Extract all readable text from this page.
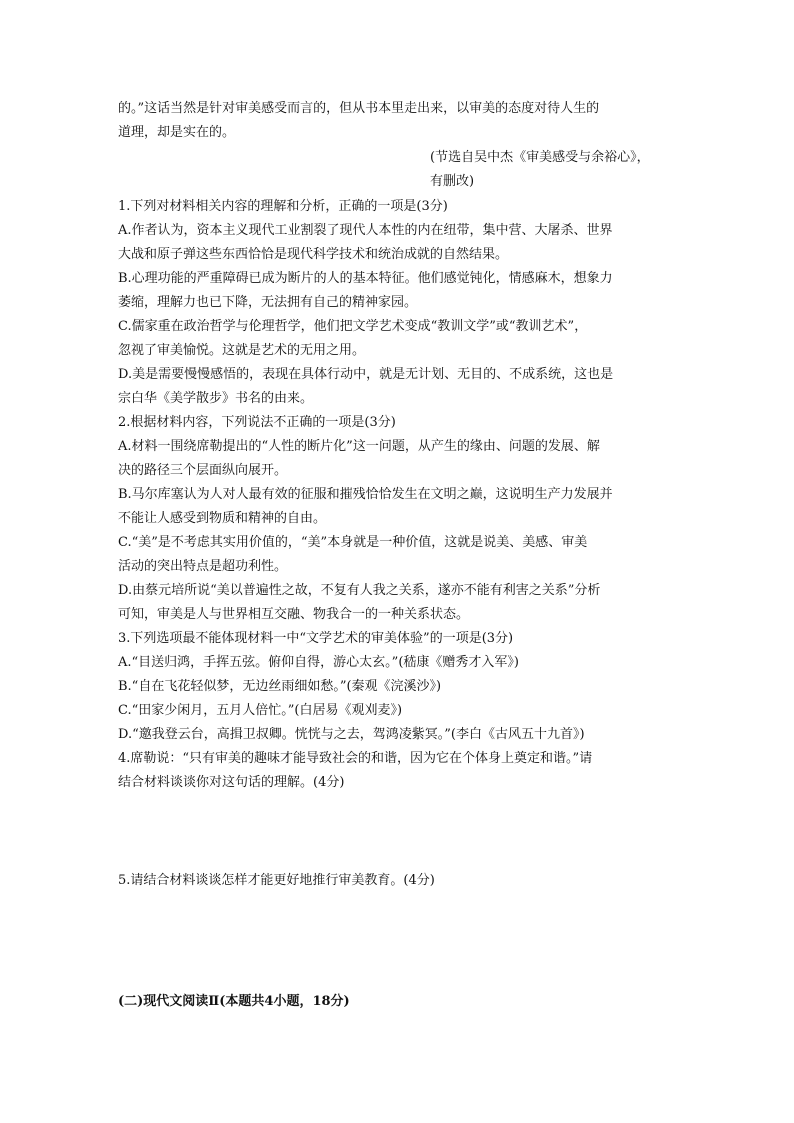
的。”这话当然是针对审美感受而言的，但从书本里走出来，以审美的态度对待人生的
道理，却是实在的。
(节选自吴中杰《审美感受与余裕心》，
有删改)
1.下列对材料相关内容的理解和分析，正确的一项是(3分)
A.作者认为，资本主义现代工业割裂了现代人本性的内在纽带，集中营、大屠杀、世界
大战和原子弹这些东西恰恰是现代科学技术和统治成就的自然结果。
B.心理功能的严重障碍已成为断片的人的基本特征。他们感觉钝化，情感麻木，想象力
萎缩，理解力也已下降，无法拥有自己的精神家园。
C.儒家重在政治哲学与伦理哲学，他们把文学艺术变成“教训文学”或“教训艺术”，
忽视了审美愉悦。这就是艺术的无用之用。
D.美是需要慢慢感悟的，表现在具体行动中，就是无计划、无目的、不成系统，这也是
宗白华《美学散步》书名的由来。
2.根据材料内容，下列说法不正确的一项是(3分)
A.材料一围绕席勒提出的“人性的断片化”这一问题，从产生的缘由、问题的发展、解
决的路径三个层面纵向展开。
B.马尔库塞认为人对人最有效的征服和摧残恰恰发生在文明之巅，这说明生产力发展并
不能让人感受到物质和精神的自由。
C.“美”是不考虑其实用价值的，“美”本身就是一种价值，这就是说美、美感、审美
活动的突出特点是超功利性。
D.由蔡元培所说“美以普遍性之故，不复有人我之关系，遂亦不能有利害之关系”分析
可知，审美是人与世界相互交融、物我合一的一种关系状态。
3.下列选项最不能体现材料一中“文学艺术的审美体验”的一项是(3分)
A.“目送归鸿，手挥五弦。俯仰自得，游心太玄。”(嵇康《赠秀才入军》)
B.“自在飞花轻似梦，无边丝雨细如愁。”(秦观《浣溪沙》)
C.“田家少闲月，五月人倍忙。”(白居易《观刈麦》)
D.“邀我登云台，高揖卫叔卿。恍恍与之去，驾鸿凌紫冥。”(李白《古风五十九首》)
4.席勒说：“只有审美的趣味才能导致社会的和谐，因为它在个体身上奠定和谐。”请
结合材料谈谈你对这句话的理解。(4分)
5.请结合材料谈谈怎样才能更好地推行审美教育。(4分)
(二)现代文阅读Ⅱ(本题共4小题，18分)
